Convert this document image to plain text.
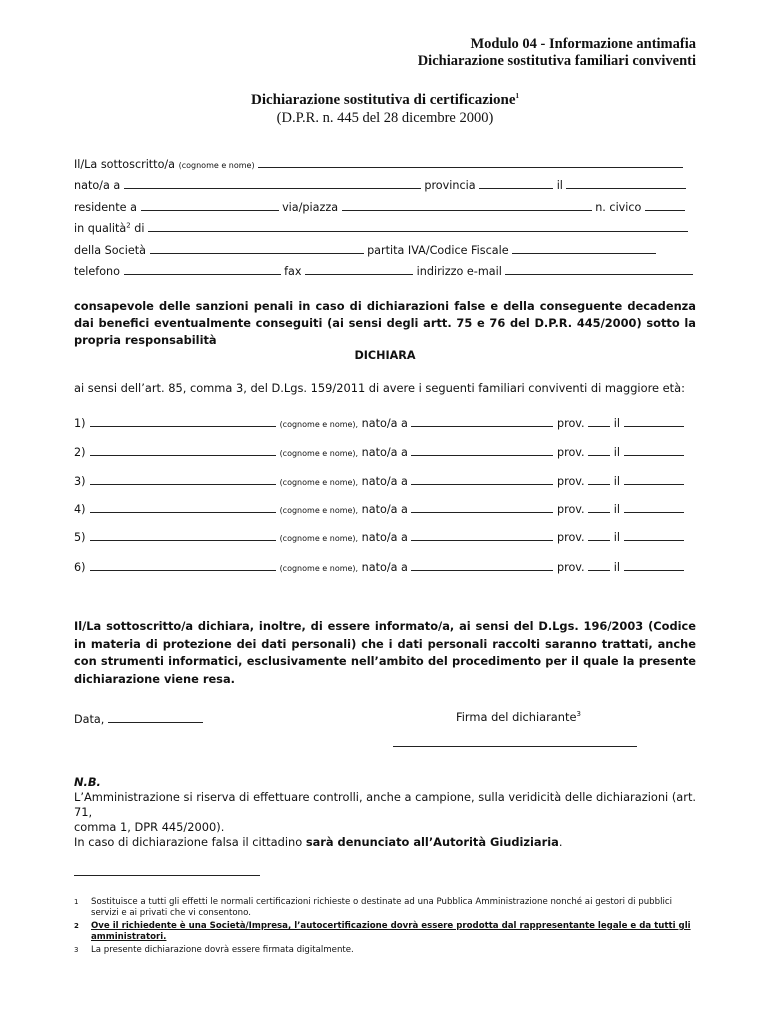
Modulo 04 - Informazione antimafia
Dichiarazione sostitutiva familiari conviventi
Dichiarazione sostitutiva di certificazione$^1$
(D.P.R. n. 445 del 28 dicembre 2000)
Il/La sottoscritto/a (cognome e nome)
nato/a a	provincia	il
residente a	via/piazza	n. civico
in qualità$^2$ di
della Società	partita IVA/Codice Fiscale
telefono	fax	indirizzo e-mail
consapevole delle sanzioni penali in caso di dichiarazioni false e della conseguente decadenza dai benefici eventualmente conseguiti (ai sensi degli artt. 75 e 76 del D.P.R. 445/2000) sotto la propria responsabilità
DICHIARA
ai sensi dell’art. 85, comma 3, del D.Lgs. 159/2011 di avere i seguenti familiari conviventi di maggiore età:
1)	(cognome e nome), nato/a a	prov.	il
2)	(cognome e nome), nato/a a	prov.	il
3)	(cognome e nome), nato/a a	prov.	il
4)	(cognome e nome), nato/a a	prov.	il
5)	(cognome e nome), nato/a a	prov.	il
6)	(cognome e nome), nato/a a	prov.	il
Il/La sottoscritto/a dichiara, inoltre, di essere informato/a, ai sensi del D.Lgs. 196/2003 (Codice in materia di protezione dei dati personali) che i dati personali raccolti saranno trattati, anche con strumenti informatici, esclusivamente nell’ambito del procedimento per il quale la presente dichiarazione viene resa.
Data,	Firma del dichiarante$^3$
N.B.
L’Amministrazione si riserva di effettuare controlli, anche a campione, sulla veridicità delle dichiarazioni (art. 71,
comma 1, DPR 445/2000).
In caso di dichiarazione falsa il cittadino sarà denunciato all’Autorità Giudiziaria.
1 Sostituisce a tutti gli effetti le normali certificazioni richieste o destinate ad una Pubblica Amministrazione nonché ai gestori di pubblici servizi e ai privati che vi consentono.
2 Ove il richiedente è una Società/Impresa, l’autocertificazione dovrà essere prodotta dal rappresentante legale e da tutti gli amministratori.
3 La presente dichiarazione dovrà essere firmata digitalmente.
